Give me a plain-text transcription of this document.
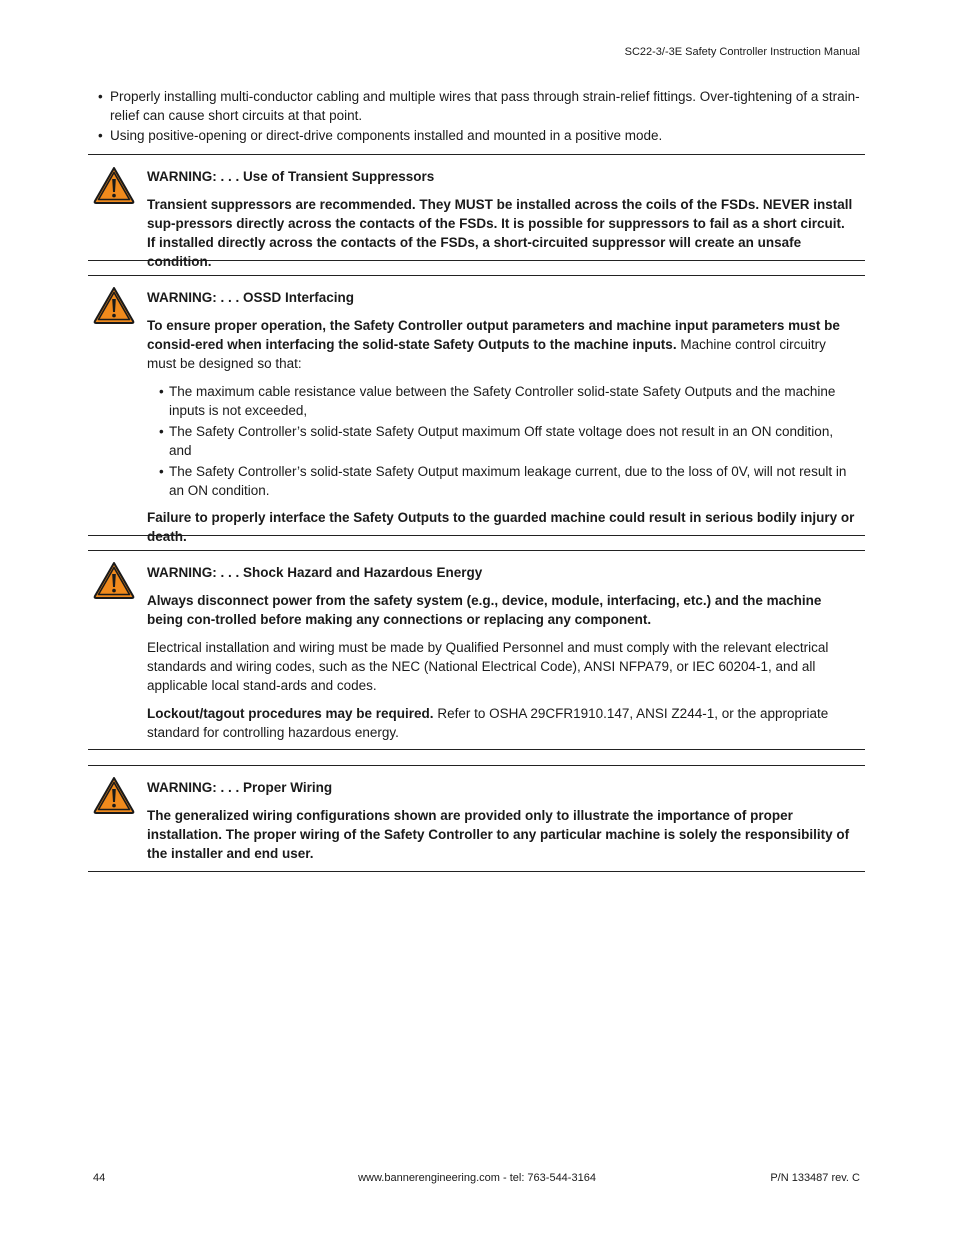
SC22-3/-3E Safety Controller Instruction Manual
• Properly installing multi-conductor cabling and multiple wires that pass through strain-relief fittings. Over-tightening of a strain-relief can cause short circuits at that point.
• Using positive-opening or direct-drive components installed and mounted in a positive mode.

WARNING: . . . Use of Transient Suppressors

Transient suppressors are recommended. They MUST be installed across the coils of the FSDs. NEVER install sup-pressors directly across the contacts of the FSDs. It is possible for suppressors to fail as a short circuit. If installed directly across the contacts of the FSDs, a short-circuited suppressor will create an unsafe condition.

WARNING: . . . OSSD Interfacing

To ensure proper operation, the Safety Controller output parameters and machine input parameters must be consid-ered when interfacing the solid-state Safety Outputs to the machine inputs. Machine control circuitry must be designed so that:

• The maximum cable resistance value between the Safety Controller solid-state Safety Outputs and the machine inputs is not exceeded,
• The Safety Controller’s solid-state Safety Output maximum Off state voltage does not result in an ON condition, and
• The Safety Controller’s solid-state Safety Output maximum leakage current, due to the loss of 0V, will not result in an ON condition.

Failure to properly interface the Safety Outputs to the guarded machine could result in serious bodily injury or death.

WARNING: . . . Shock Hazard and Hazardous Energy

Always disconnect power from the safety system (e.g., device, module, interfacing, etc.) and the machine being con-trolled before making any connections or replacing any component.

Electrical installation and wiring must be made by Qualified Personnel and must comply with the relevant electrical standards and wiring codes, such as the NEC (National Electrical Code), ANSI NFPA79, or IEC 60204-1, and all applicable local stand-ards and codes.

Lockout/tagout procedures may be required. Refer to OSHA 29CFR1910.147, ANSI Z244-1, or the appropriate standard for controlling hazardous energy.

WARNING: . . . Proper Wiring

The generalized wiring configurations shown are provided only to illustrate the importance of proper installation. The proper wiring of the Safety Controller to any particular machine is solely the responsibility of the installer and end user.

44	www.bannerengineering.com - tel: 763-544-3164	P/N 133487 rev. C
